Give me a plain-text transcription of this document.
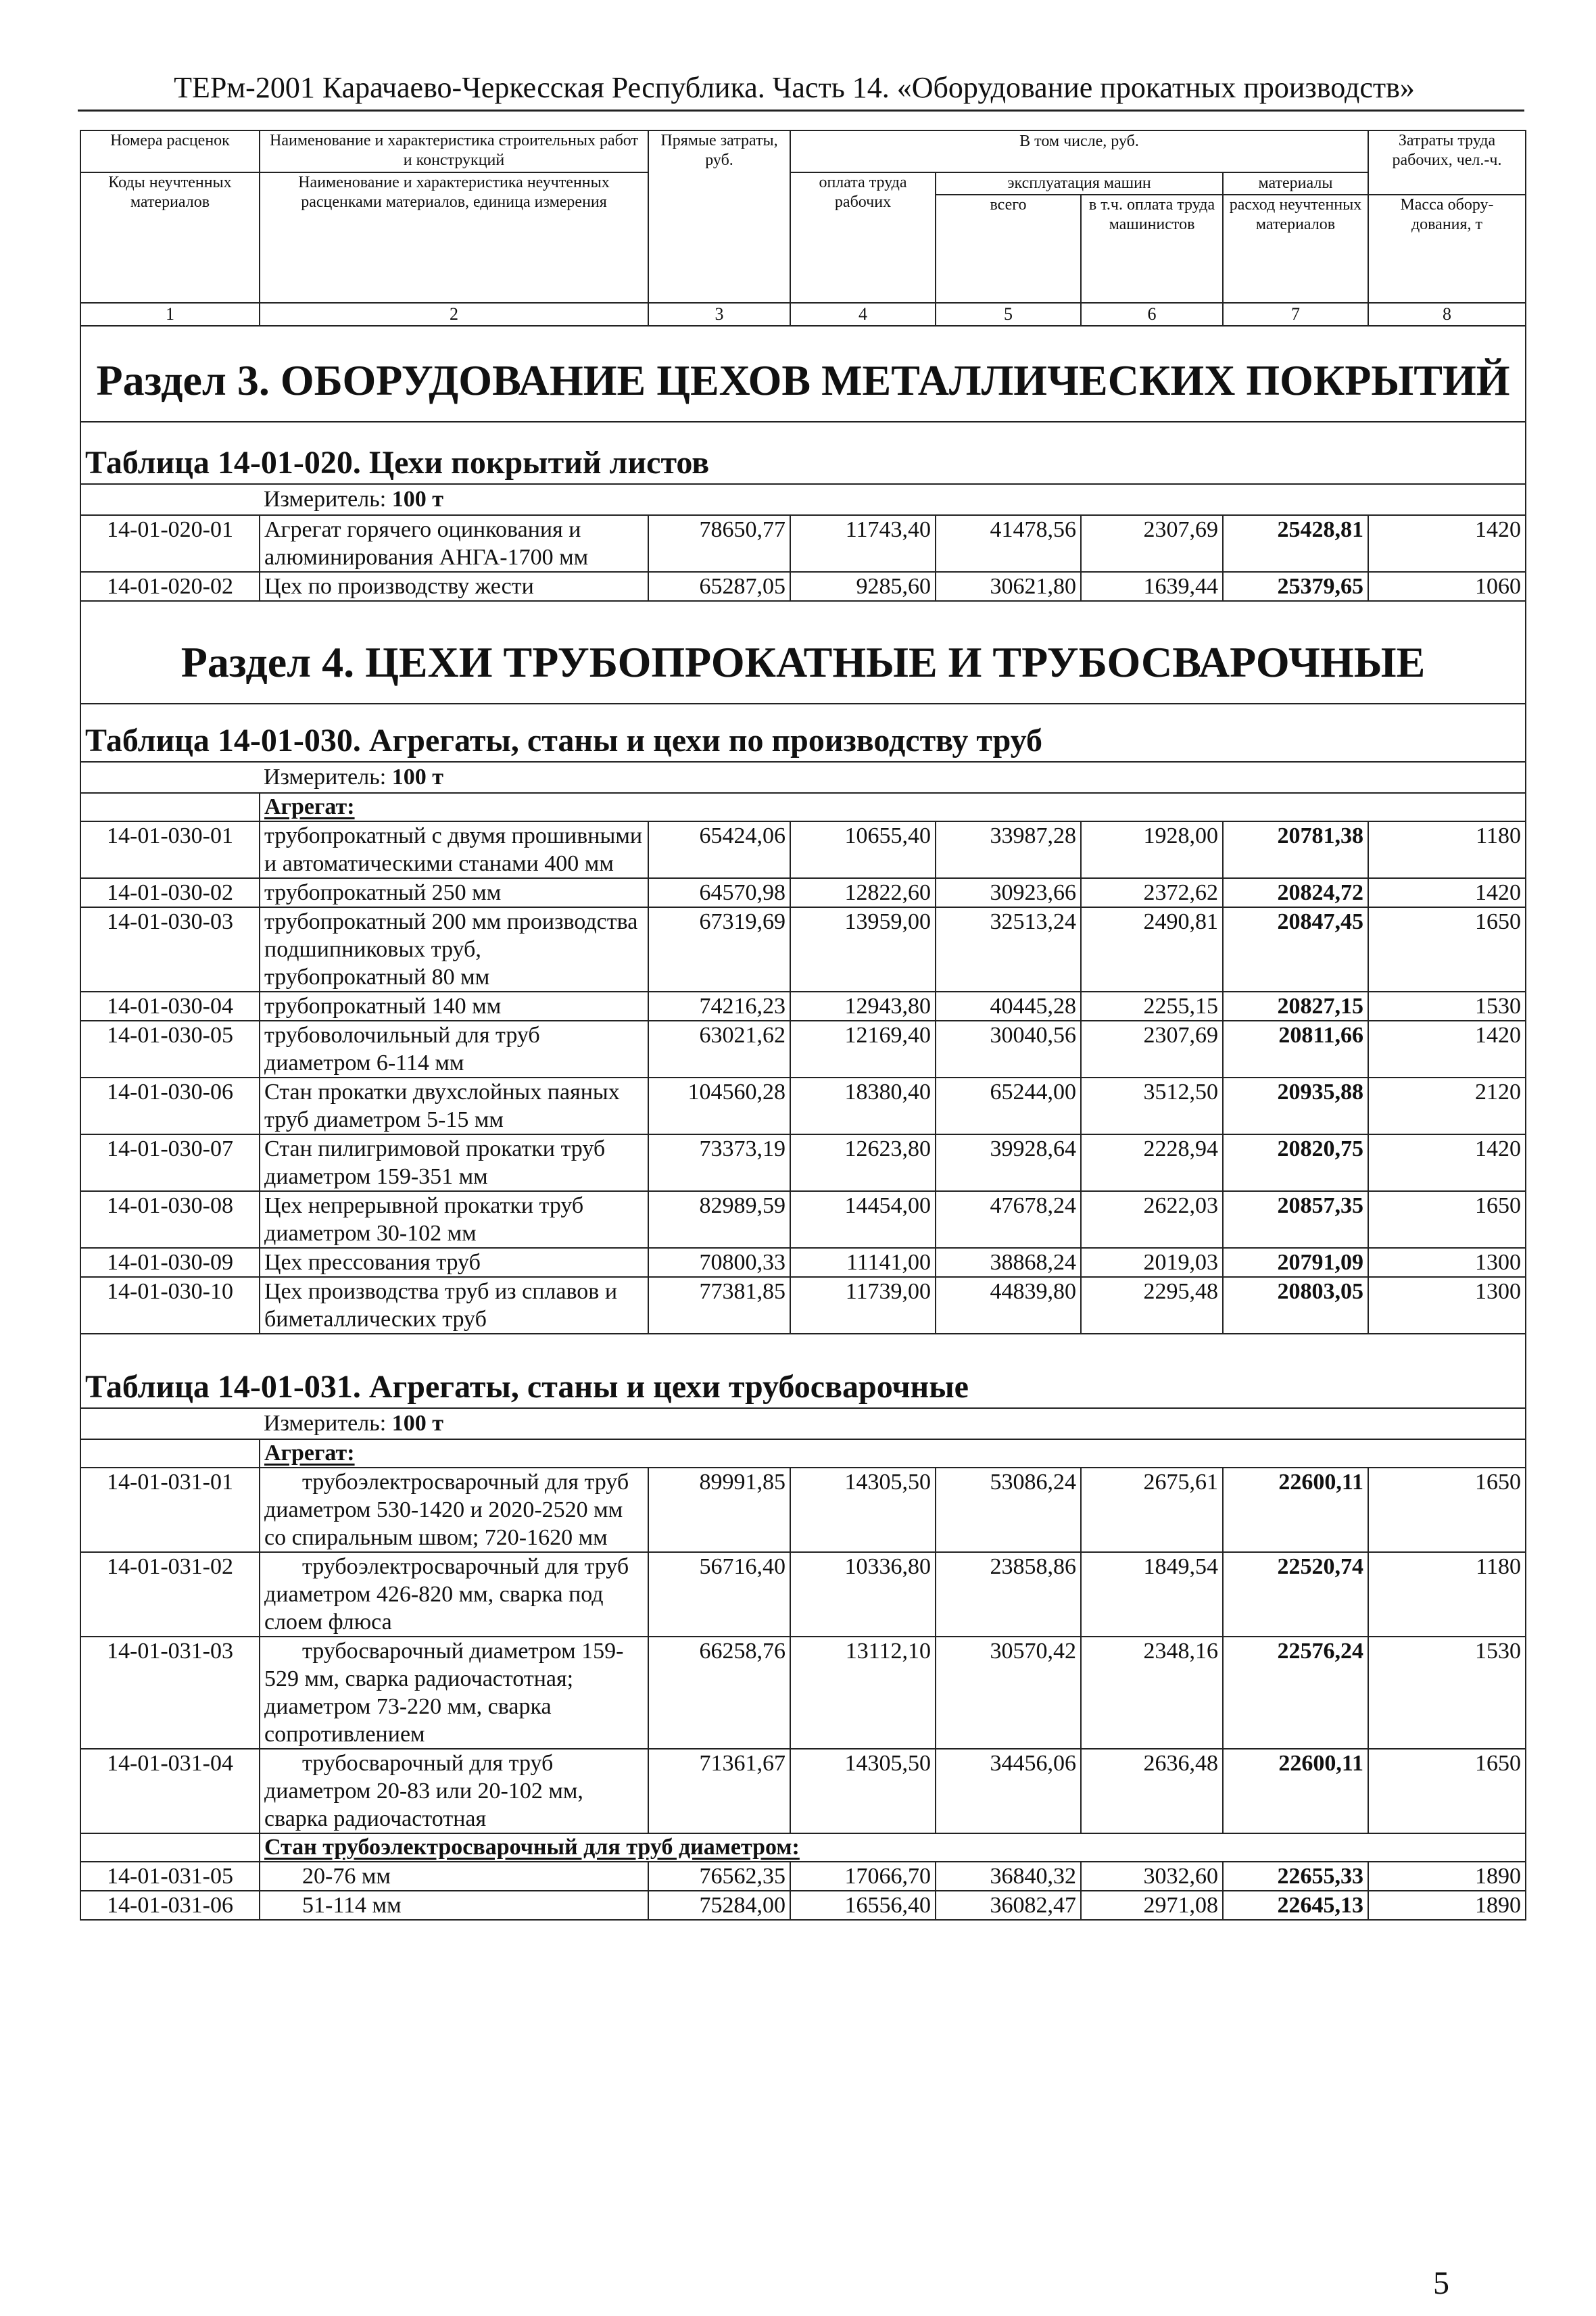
ТЕРм-2001 Карачаево-Черкесская Республика. Часть 14. «Оборудование прокатных производств»
Номера расценок	Наименование и характеристика строительных работ и конструкций	Прямые затраты, руб.	В том числе, руб.				Затраты труда рабочих, чел.-ч.
Коды неучтенных материалов	Наименование и характеристика неучтенных расценками материалов, единица измерения		оплата труда рабочих	эксплуатация машин		материалы	
				всего	в т.ч. оплата труда машинистов	расход неучтенных материалов	Масса обору-дования, т
1	2	3	4	5	6	7	8
Раздел 3. ОБОРУДОВАНИЕ ЦЕХОВ МЕТАЛЛИЧЕСКИХ ПОКРЫТИЙ							
Таблица 14-01-020. Цехи покрытий листов							
Измеритель: 100 т							
14-01-020-01	Агрегат горячего оцинкования и алюминирования АНГА-1700 мм	78650,77	11743,40	41478,56	2307,69	25428,81	1420
14-01-020-02	Цех по производству жести	65287,05	9285,60	30621,80	1639,44	25379,65	1060
Раздел 4. ЦЕХИ ТРУБОПРОКАТНЫЕ И ТРУБОСВАРОЧНЫЕ							
Таблица 14-01-030. Агрегаты, станы и цехи по производству труб							
Измеритель: 100 т							
	Агрегат:						
14-01-030-01	трубопрокатный с двумя прошивными и автоматическими станами 400 мм	65424,06	10655,40	33987,28	1928,00	20781,38	1180
14-01-030-02	трубопрокатный 250 мм	64570,98	12822,60	30923,66	2372,62	20824,72	1420
14-01-030-03	трубопрокатный 200 мм производства подшипниковых труб, трубопрокатный 80 мм	67319,69	13959,00	32513,24	2490,81	20847,45	1650
14-01-030-04	трубопрокатный 140 мм	74216,23	12943,80	40445,28	2255,15	20827,15	1530
14-01-030-05	трубоволочильный для труб диаметром 6-114 мм	63021,62	12169,40	30040,56	2307,69	20811,66	1420
14-01-030-06	Стан прокатки двухслойных паяных труб диаметром 5-15 мм	104560,28	18380,40	65244,00	3512,50	20935,88	2120
14-01-030-07	Стан пилигримовой прокатки труб диаметром 159-351 мм	73373,19	12623,80	39928,64	2228,94	20820,75	1420
14-01-030-08	Цех непрерывной прокатки труб диаметром 30-102 мм	82989,59	14454,00	47678,24	2622,03	20857,35	1650
14-01-030-09	Цех прессования труб	70800,33	11141,00	38868,24	2019,03	20791,09	1300
14-01-030-10	Цех производства труб из сплавов и биметаллических труб	77381,85	11739,00	44839,80	2295,48	20803,05	1300
Таблица 14-01-031. Агрегаты, станы и цехи трубосварочные							
Измеритель: 100 т							
	Агрегат:						
14-01-031-01	трубоэлектросварочный для труб диаметром 530-1420 и 2020-2520 мм со спиральным швом; 720-1620 мм	89991,85	14305,50	53086,24	2675,61	22600,11	1650
14-01-031-02	трубоэлектросварочный для труб диаметром 426-820 мм, сварка под слоем флюса	56716,40	10336,80	23858,86	1849,54	22520,74	1180
14-01-031-03	трубосварочный диаметром 159-529 мм, сварка радиочастотная; диаметром 73-220 мм, сварка сопротивлением	66258,76	13112,10	30570,42	2348,16	22576,24	1530
14-01-031-04	трубосварочный для труб диаметром 20-83 или 20-102 мм, сварка радиочастотная	71361,67	14305,50	34456,06	2636,48	22600,11	1650
	Стан трубоэлектросварочный для труб диаметром:						
14-01-031-05	20-76 мм	76562,35	17066,70	36840,32	3032,60	22655,33	1890
14-01-031-06	51-114 мм	75284,00	16556,40	36082,47	2971,08	22645,13	1890
5
